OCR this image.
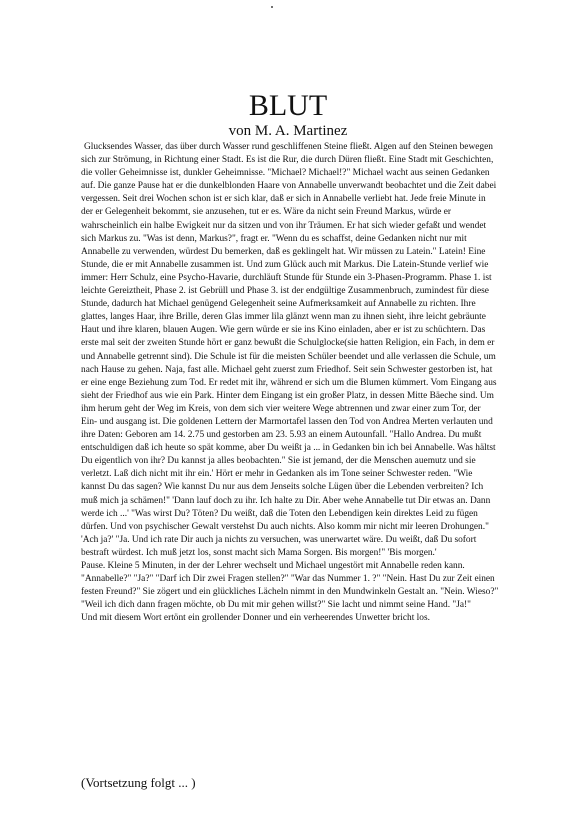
BLUT
von M. A. Martinez

Glucksendes Wasser, das über durch Wasser rund geschliffenen Steine fließt. Algen auf den Steinen bewegen sich zur Strömung, in Richtung einer Stadt. Es ist die Rur, die durch Düren fließt. Eine Stadt mit Geschichten, die voller Geheimnisse ist, dunkler Geheimnisse. "Michael? Michael!?" Michael wacht aus seinen Gedanken auf. Die ganze Pause hat er die dunkelblonden Haare von Annabelle unverwandt beobachtet und die Zeit dabei vergessen. Seit drei Wochen schon ist er sich klar, daß er sich in Annabelle verliebt hat. Jede freie Minute in der er Gelegenheit bekommt, sie anzusehen, tut er es. Wäre da nicht sein Freund Markus, würde er wahrscheinlich ein halbe Ewigkeit nur da sitzen und von ihr Träumen. Er hat sich wieder gefaßt und wendet sich Markus zu. "Was ist denn, Markus?", fragt er. "Wenn du es schaffst, deine Gedanken nicht nur mit Annabelle zu verwenden, würdest Du bemerken, daß es geklingelt hat. Wir müssen zu Latein." Latein! Eine Stunde, die er mit Annabelle zusammen ist. Und zum Glück auch mit Markus. Die Latein-Stunde verlief wie immer: Herr Schulz, eine Psycho-Havarie, durchläuft Stunde für Stunde ein 3-Phasen-Programm. Phase 1. ist leichte Gereiztheit, Phase 2. ist Gebrüll und Phase 3. ist der endgültige Zusammenbruch, zumindest für diese Stunde, dadurch hat Michael genügend Gelegenheit seine Aufmerksamkeit auf Annabelle zu richten. Ihre glattes, langes Haar, ihre Brille, deren Glas immer lila glänzt wenn man zu ihnen sieht, ihre leicht gebräunte Haut und ihre klaren, blauen Augen. Wie gern würde er sie ins Kino einladen, aber er ist zu schüchtern. Das erste mal seit der zweiten Stunde hört er ganz bewußt die Schulglocke(sie hatten Religion, ein Fach, in dem er und Annabelle getrennt sind). Die Schule ist für die meisten Schüler beendet und alle verlassen die Schule, um nach Hause zu gehen. Naja, fast alle. Michael geht zuerst zum Friedhof. Seit sein Schwester gestorben ist, hat er eine enge Beziehung zum Tod. Er redet mit ihr, während er sich um die Blumen kümmert. Vom Eingang aus sieht der Friedhof aus wie ein Park. Hinter dem Eingang ist ein großer Platz, in dessen Mitte Bäeche sind. Um ihm herum geht der Weg im Kreis, von dem sich vier weitere Wege abtrennen und zwar einer zum Tor, der Ein- und ausgang ist. Die goldenen Lettern der Marmortafel lassen den Tod von Andrea Merten verlauten und ihre Daten: Geboren am 14. 2.75 und gestorben am 23. 5.93 an einem Autounfall. "Hallo Andrea. Du mußt entschuldigen daß ich heute so spät komme, aber Du weißt ja ... in Gedanken bin ich bei Annabelle. Was hältst Du eigentlich von ihr? Du kannst ja alles beobachten." Sie ist jemand, der die Menschen auemutz und sie verletzt. Laß dich nicht mit ihr ein.' Hört er mehr in Gedanken als im Tone seiner Schwester reden. "Wie kannst Du das sagen? Wie kannst Du nur aus dem Jenseits solche Lügen über die Lebenden verbreiten? Ich muß mich ja schämen!" 'Dann lauf doch zu ihr. Ich halte zu Dir. Aber wehe Annabelle tut Dir etwas an. Dann werde ich ...' "Was wirst Du? Töten? Du weißt, daß die Toten den Lebendigen kein direktes Leid zu fügen dürfen. Und von psychischer Gewalt verstehst Du auch nichts. Also komm mir nicht mir leeren Drohungen." 'Ach ja?' "Ja. Und ich rate Dir auch ja nichts zu versuchen, was unerwartet wäre. Du weißt, daß Du sofort bestraft würdest. Ich muß jetzt los, sonst macht sich Mama Sorgen. Bis morgen!" 'Bis morgen.'

Pause. Kleine 5 Minuten, in der der Lehrer wechselt und Michael ungestört mit Annabelle reden kann. "Annabelle?" "Ja?" "Darf ich Dir zwei Fragen stellen?" "War das Nummer 1. ?" "Nein. Hast Du zur Zeit einen festen Freund?" Sie zögert und ein glückliches Lächeln nimmt in den Mundwinkeln Gestalt an. "Nein. Wieso?" "Weil ich dich dann fragen möchte, ob Du mit mir gehen willst?" Sie lacht und nimmt seine Hand. "Ja!"

Und mit diesem Wort ertönt ein grollender Donner und ein verheerendes Unwetter bricht los.

(Vortsetzung folgt ... )
